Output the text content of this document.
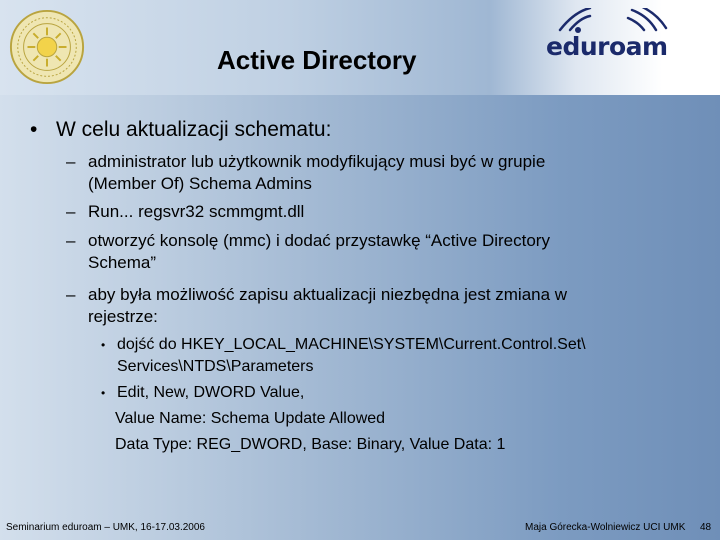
eduroam
Active Directory
• W celu aktualizacji schematu:
– administrator lub użytkownik modyfikujący musi być w grupie
(Member Of) Schema Admins
– Run... regsvr32 scmmgmt.dll
– otworzyć konsolę (mmc) i dodać przystawkę “Active Directory
Schema”
– aby była możliwość zapisu aktualizacji niezbędna jest zmiana w
rejestrze:
• dojść do HKEY_LOCAL_MACHINE\SYSTEM\Current.Control.Set\
Services\NTDS\Parameters
• Edit, New, DWORD Value,
Value Name: Schema Update Allowed
Data Type: REG_DWORD, Base: Binary, Value Data: 1
Seminarium eduroam – UMK, 16-17.03.2006	Maja Górecka-Wolniewicz UCI UMK 48
